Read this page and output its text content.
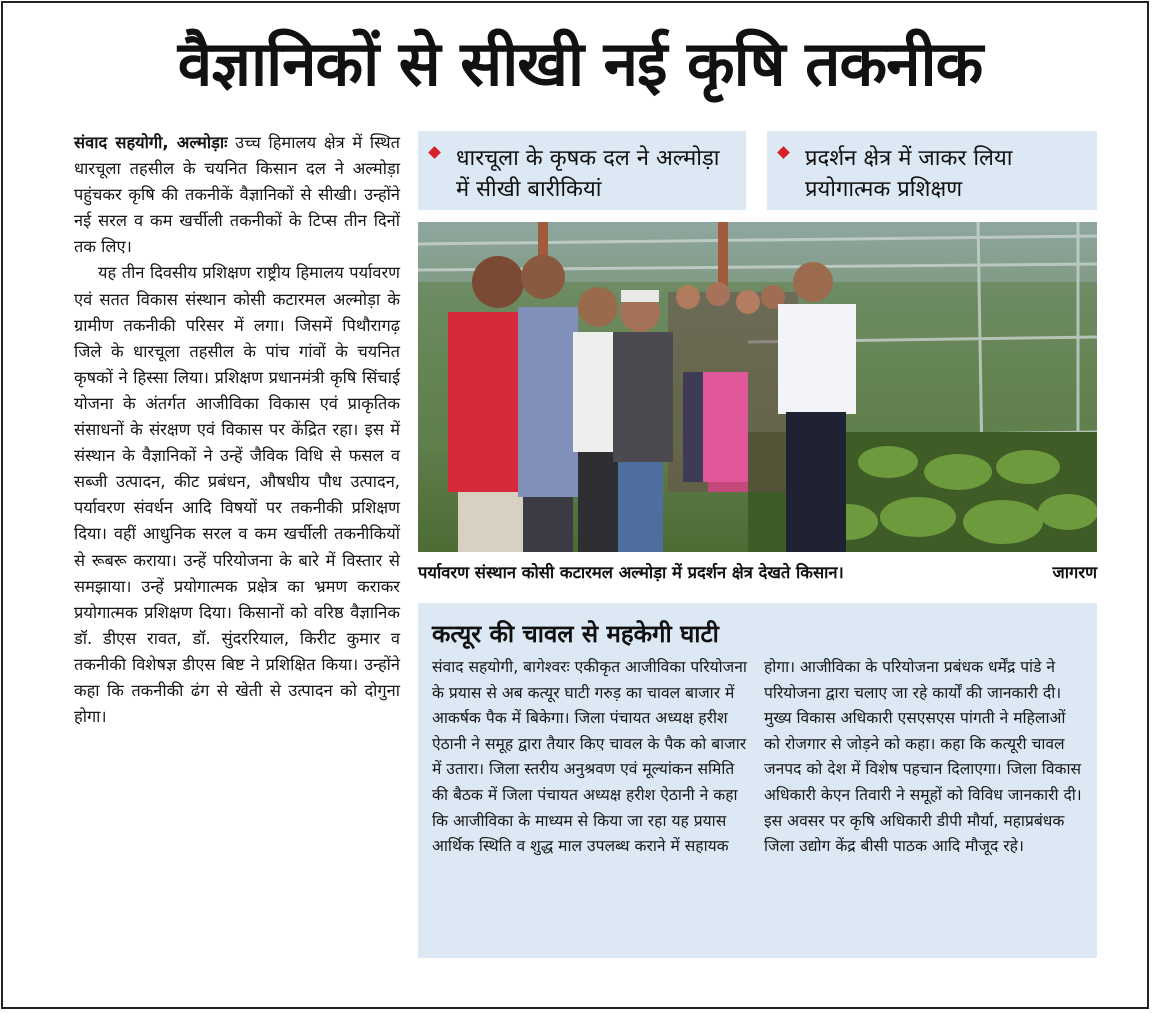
वैज्ञानिकों से सीखी नई कृषि तकनीक

संवाद सहयोगी, अल्मोड़ाः उच्च हिमालय क्षेत्र में स्थित धारचूला तहसील के चयनित किसान दल ने अल्मोड़ा पहुंचकर कृषि की तकनीकें वैज्ञानिकों से सीखी। उन्होंने नई सरल व कम खर्चीली तकनीकों के टिप्स तीन दिनों तक लिए।

यह तीन दिवसीय प्रशिक्षण राष्ट्रीय हिमालय पर्यावरण एवं सतत विकास संस्थान कोसी कटारमल अल्मोड़ा के ग्रामीण तकनीकी परिसर में लगा। जिसमें पिथौरागढ़ जिले के धारचूला तहसील के पांच गांवों के चयनित कृषकों ने हिस्सा लिया। प्रशिक्षण प्रधानमंत्री कृषि सिंचाई योजना के अंतर्गत आजीविका विकास एवं प्राकृतिक संसाधनों के संरक्षण एवं विकास पर केंद्रित रहा। इस में संस्थान के वैज्ञानिकों ने उन्हें जैविक विधि से फसल व सब्जी उत्पादन, कीट प्रबंधन, औषधीय पौध उत्पादन, पर्यावरण संवर्धन आदि विषयों पर तकनीकी प्रशिक्षण दिया। वहीं आधुनिक सरल व कम खर्चीली तकनीकियों से रूबरू कराया। उन्हें परियोजना के बारे में विस्तार से समझाया। उन्हें प्रयोगात्मक प्रक्षेत्र का भ्रमण कराकर प्रयोगात्मक प्रशिक्षण दिया। किसानों को वरिष्ठ वैज्ञानिक डॉ. डीएस रावत, डॉ. सुंदररियाल, किरीट कुमार व तकनीकी विशेषज्ञ डीएस बिष्ट ने प्रशिक्षित किया। उन्होंने कहा कि तकनीकी ढंग से खेती से उत्पादन को दोगुना होगा।

धारचूला के कृषक दल ने अल्मोड़ा में सीखी बारीकियां
प्रदर्शन क्षेत्र में जाकर लिया प्रयोगात्मक प्रशिक्षण
पर्यावरण संस्थान कोसी कटारमल अल्मोड़ा में प्रदर्शन क्षेत्र देखते किसान।	जागरण
कत्यूर की चावल से महकेगी घाटी
संवाद सहयोगी, बागेश्वरः एकीकृत आजीविका परियोजना के प्रयास से अब कत्यूर घाटी गरुड़ का चावल बाजार में आकर्षक पैक में बिकेगा। जिला पंचायत अध्यक्ष हरीश ऐठानी ने समूह द्वारा तैयार किए चावल के पैक को बाजार में उतारा। जिला स्तरीय अनुश्रवण एवं मूल्यांकन समिति की बैठक में जिला पंचायत अध्यक्ष हरीश ऐठानी ने कहा कि आजीविका के माध्यम से किया जा रहा यह प्रयास आर्थिक स्थिति व शुद्ध माल उपलब्ध कराने में सहायक
होगा। आजीविका के परियोजना प्रबंधक धर्मेंद्र पांडे ने परियोजना द्वारा चलाए जा रहे कार्यों की जानकारी दी। मुख्य विकास अधिकारी एसएसएस पांगती ने महिलाओं को रोजगार से जोड़ने को कहा। कहा कि कत्यूरी चावल जनपद को देश में विशेष पहचान दिलाएगा। जिला विकास अधिकारी केएन तिवारी ने समूहों को विविध जानकारी दी। इस अवसर पर कृषि अधिकारी डीपी मौर्या, महाप्रबंधक जिला उद्योग केंद्र बीसी पाठक आदि मौजूद रहे।
